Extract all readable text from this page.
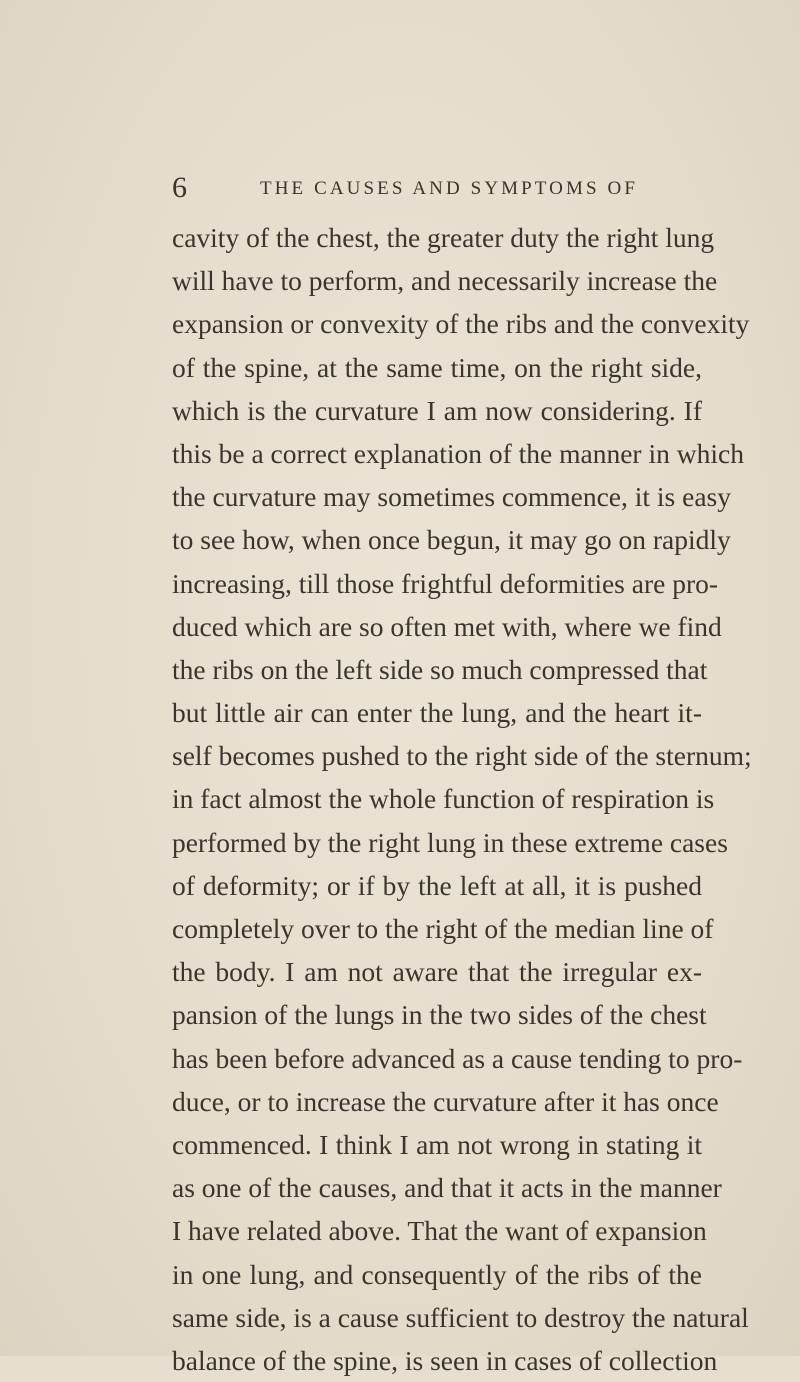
6	THE CAUSES AND SYMPTOMS OF
cavity of the chest, the greater duty the right lung
will have to perform, and necessarily increase the
expansion or convexity of the ribs and the convexity
of the spine, at the same time, on the right side,
which is the curvature I am now considering. If
this be a correct explanation of the manner in which
the curvature may sometimes commence, it is easy
to see how, when once begun, it may go on rapidly
increasing, till those frightful deformities are pro-
duced which are so often met with, where we find
the ribs on the left side so much compressed that
but little air can enter the lung, and the heart it-
self becomes pushed to the right side of the sternum;
in fact almost the whole function of respiration is
performed by the right lung in these extreme cases
of deformity; or if by the left at all, it is pushed
completely over to the right of the median line of
the body. I am not aware that the irregular ex-
pansion of the lungs in the two sides of the chest
has been before advanced as a cause tending to pro-
duce, or to increase the curvature after it has once
commenced. I think I am not wrong in stating it
as one of the causes, and that it acts in the manner
I have related above. That the want of expansion
in one lung, and consequently of the ribs of the
same side, is a cause sufficient to destroy the natural
balance of the spine, is seen in cases of collection
